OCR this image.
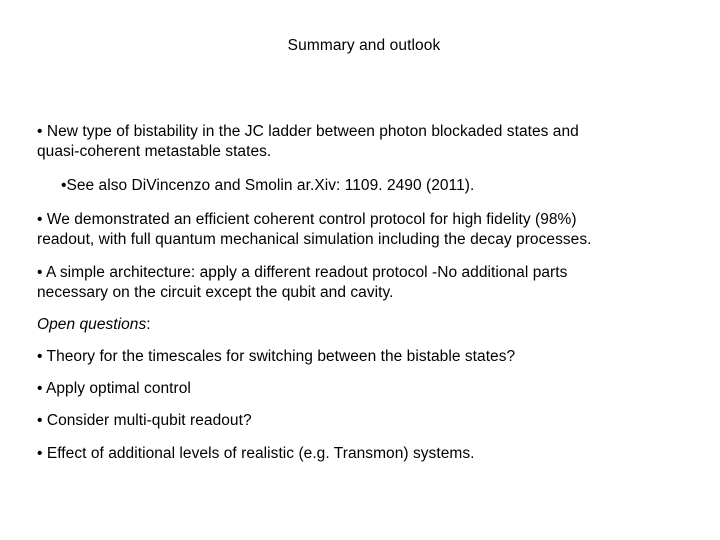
Summary and outlook
• New type of bistability in the JC ladder between photon blockaded states and
quasi-coherent metastable states.
•See also DiVincenzo and Smolin ar.Xiv: 1109. 2490 (2011).
• We demonstrated an efficient coherent control protocol for high fidelity (98%)
readout, with full quantum mechanical simulation including the decay processes.
• A simple architecture: apply a different readout protocol -No additional parts
necessary on the circuit except the qubit and cavity.
Open questions:
• Theory for the timescales for switching between the bistable states?
• Apply optimal control
• Consider multi-qubit readout?
• Effect of additional levels of realistic (e.g. Transmon) systems.
